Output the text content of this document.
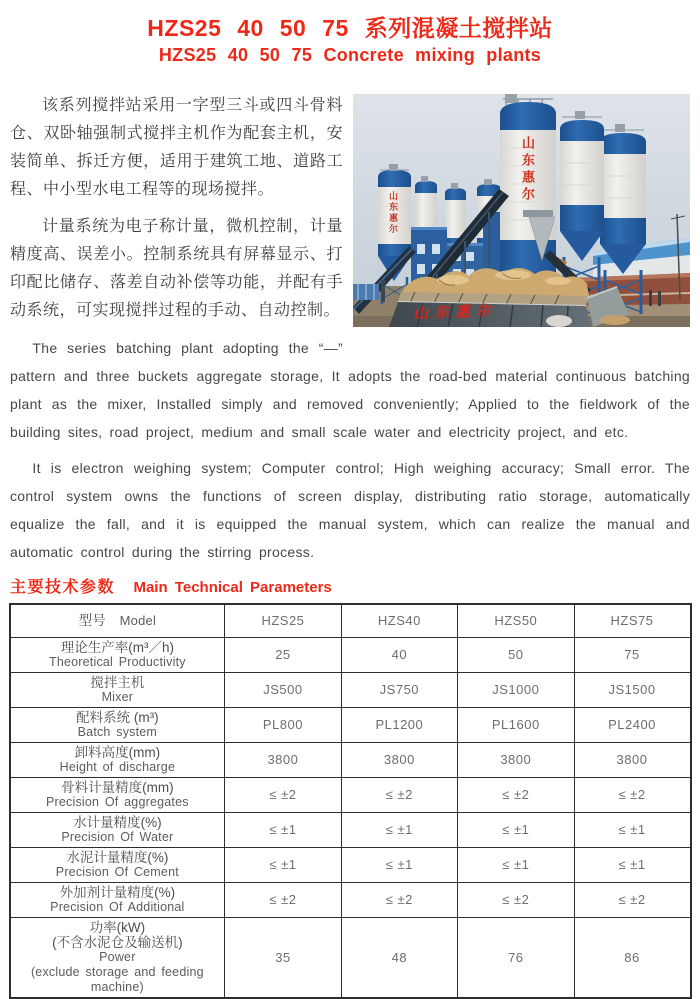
HZS25 40 50 75 系列混凝土搅拌站
HZS25 40 50 75 Concrete mixing plants
山东惠尔
山东惠尔
山东惠尔

该系列搅拌站采用一字型三斗或四斗骨料仓、双卧轴强制式搅拌主机作为配套主机，安装简单、拆迁方便，适用于建筑工地、道路工程、中小型水电工程等的现场搅拌。

计量系统为电子称计量，微机控制，计量精度高、误差小。控制系统具有屏幕显示、打印配比储存、落差自动补偿等功能，并配有手动系统，可实现搅拌过程的手动、自动控制。

The series batching plant adopting the “—” pattern and three buckets aggregate storage, It adopts the road-bed material continuous batching plant as the mixer, Installed simply and removed conveniently; Applied to the fieldwork of the building sites, road project, medium and small scale water and electricity project, and etc.

It is electron weighing system; Computer control; High weighing accuracy; Small error. The control system owns the functions of screen display, distributing ratio storage, automatically equalize the fall, and it is equipped the manual system, which can realize the manual and automatic control during the stirring process.

主要技术参数 Main Technical Parameters
型号 Model	HZS25	HZS40	HZS50	HZS75

理论生产率(m³／h)
Theoretical Productivity	25	40	50	75

搅拌主机
Mixer	JS500	JS750	JS1000	JS1500

配料系统 (m³)
Batch system	PL800	PL1200	PL1600	PL2400

卸料高度(mm)
Height of discharge	3800	3800	3800	3800

骨料计量精度(mm)
Precision Of aggregates	≤ ±2	≤ ±2	≤ ±2	≤ ±2

水计量精度(%)
Precision Of Water	≤ ±1	≤ ±1	≤ ±1	≤ ±1

水泥计量精度(%)
Precision Of Cement	≤ ±1	≤ ±1	≤ ±1	≤ ±1

外加剂计量精度(%)
Precision Of Additional	≤ ±2	≤ ±2	≤ ±2	≤ ±2

功率(kW)
(不含水泥仓及输送机)
Power
(exclude storage and feeding machine)	35	48	76	86
